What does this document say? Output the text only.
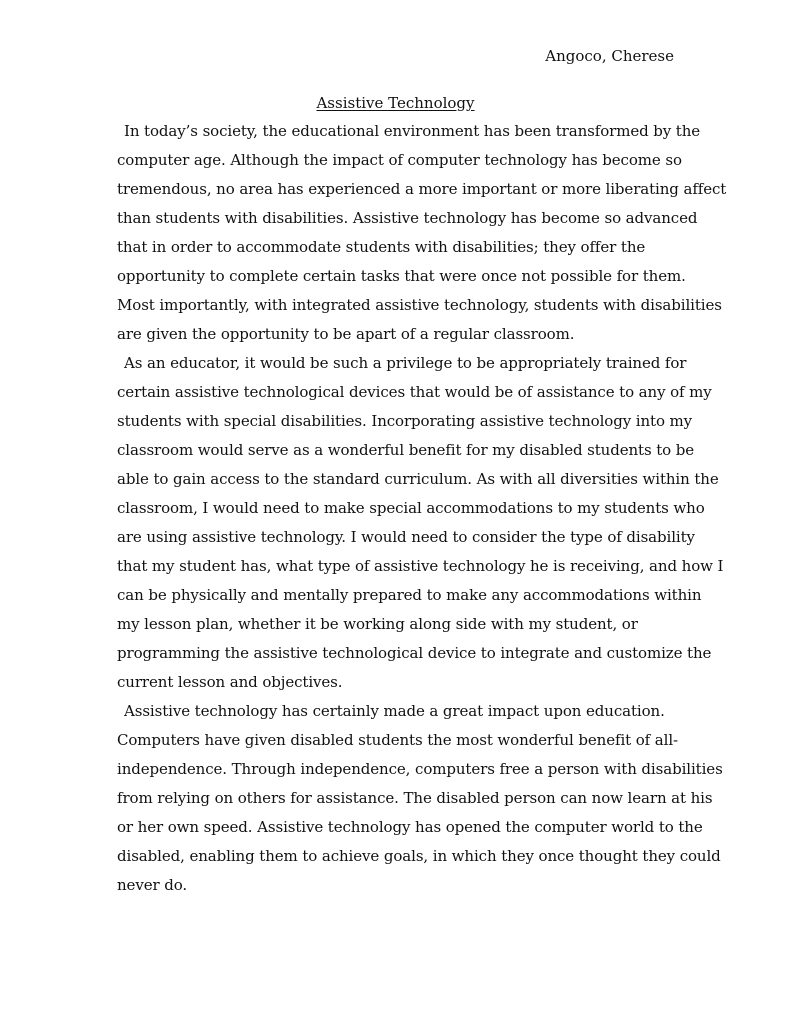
Angoco, Cherese

Assistive Technology

In today’s society, the educational environment has been transformed by the
computer age. Although the impact of computer technology has become so
tremendous, no area has experienced a more important or more liberating affect
than students with disabilities. Assistive technology has become so advanced
that in order to accommodate students with disabilities; they offer the
opportunity to complete certain tasks that were once not possible for them.
Most importantly, with integrated assistive technology, students with disabilities
are given the opportunity to be apart of a regular classroom.

As an educator, it would be such a privilege to be appropriately trained for
certain assistive technological devices that would be of assistance to any of my
students with special disabilities. Incorporating assistive technology into my
classroom would serve as a wonderful benefit for my disabled students to be
able to gain access to the standard curriculum. As with all diversities within the
classroom, I would need to make special accommodations to my students who
are using assistive technology. I would need to consider the type of disability
that my student has, what type of assistive technology he is receiving, and how I
can be physically and mentally prepared to make any accommodations within
my lesson plan, whether it be working along side with my student, or
programming the assistive technological device to integrate and customize the
current lesson and objectives.

Assistive technology has certainly made a great impact upon education.
Computers have given disabled students the most wonderful benefit of all-
independence. Through independence, computers free a person with disabilities
from relying on others for assistance. The disabled person can now learn at his
or her own speed. Assistive technology has opened the computer world to the
disabled, enabling them to achieve goals, in which they once thought they could
never do.
